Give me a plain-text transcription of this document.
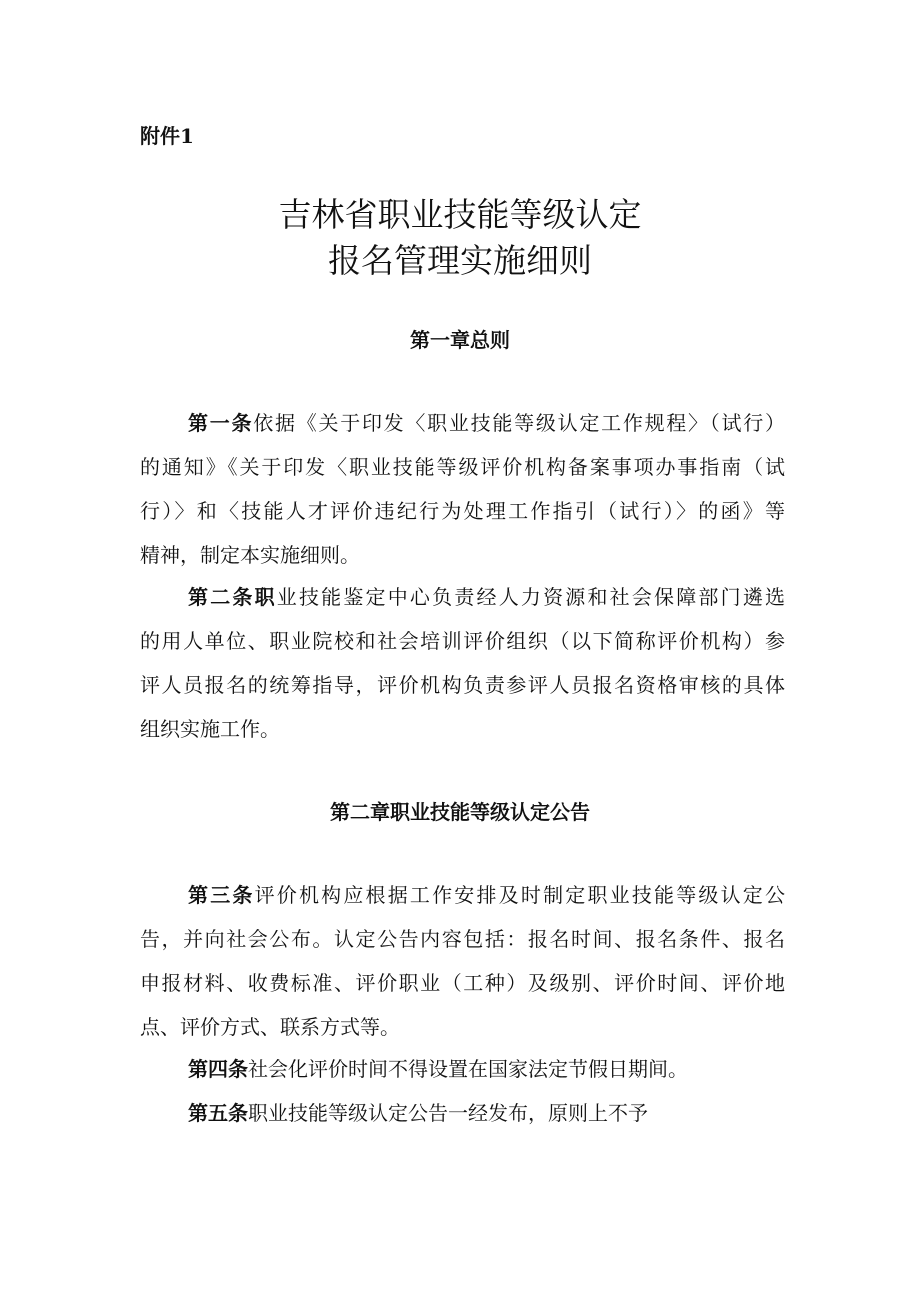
附件1
吉林省职业技能等级认定
报名管理实施细则
第一章总则
第一条依据《关于印发〈职业技能等级认定工作规程〉（试行）
的通知》《关于印发〈职业技能等级评价机构备案事项办事指南（试
行）〉和〈技能人才评价违纪行为处理工作指引（试行）〉的函》等
精神，制定本实施细则。
第二条职业技能鉴定中心负责经人力资源和社会保障部门遴选
的用人单位、职业院校和社会培训评价组织（以下简称评价机构）参
评人员报名的统筹指导，评价机构负责参评人员报名资格审核的具体
组织实施工作。
第二章职业技能等级认定公告
第三条评价机构应根据工作安排及时制定职业技能等级认定公
告，并向社会公布。认定公告内容包括：报名时间、报名条件、报名
申报材料、收费标准、评价职业（工种）及级别、评价时间、评价地
点、评价方式、联系方式等。
第四条社会化评价时间不得设置在国家法定节假日期间。
第五条职业技能等级认定公告一经发布，原则上不予
